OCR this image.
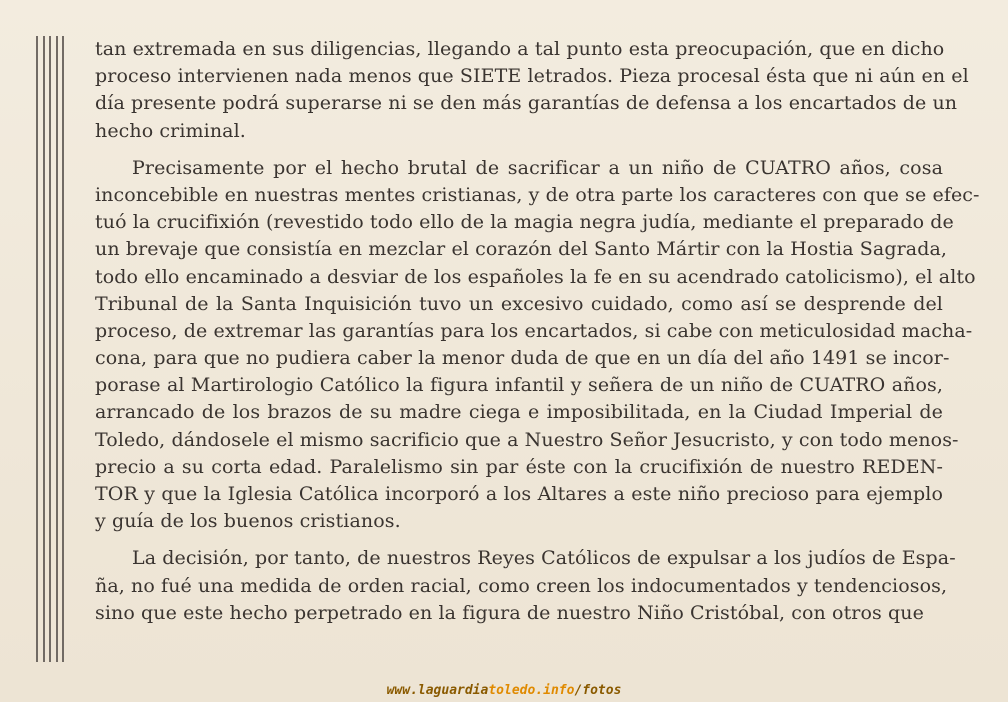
tan extremada en sus diligencias, llegando a tal punto esta preocupación, que en dicho
proceso intervienen nada menos que SIETE letrados. Pieza procesal ésta que ni aún en el
día presente podrá superarse ni se den más garantías de defensa a los encartados de un
hecho criminal.
Precisamente por el hecho brutal de sacrificar a un niño de CUATRO años, cosa
inconcebible en nuestras mentes cristianas, y de otra parte los caracteres con que se efec-
tuó la crucifixión (revestido todo ello de la magia negra judía, mediante el preparado de
un brevaje que consistía en mezclar el corazón del Santo Mártir con la Hostia Sagrada,
todo ello encaminado a desviar de los españoles la fe en su acendrado catolicismo), el alto
Tribunal de la Santa Inquisición tuvo un excesivo cuidado, como así se desprende del
proceso, de extremar las garantías para los encartados, si cabe con meticulosidad macha-
cona, para que no pudiera caber la menor duda de que en un día del año 1491 se incor-
porase al Martirologio Católico la figura infantil y señera de un niño de CUATRO años,
arrancado de los brazos de su madre ciega e imposibilitada, en la Ciudad Imperial de
Toledo, dándosele el mismo sacrificio que a Nuestro Señor Jesucristo, y con todo menos-
precio a su corta edad. Paralelismo sin par éste con la crucifixión de nuestro REDEN-
TOR y que la Iglesia Católica incorporó a los Altares a este niño precioso para ejemplo
y guía de los buenos cristianos.
La decisión, por tanto, de nuestros Reyes Católicos de expulsar a los judíos de Espa-
ña, no fué una medida de orden racial, como creen los indocumentados y tendenciosos,
sino que este hecho perpetrado en la figura de nuestro Niño Cristóbal, con otros que
www.laguardiatoledo.info/fotos
